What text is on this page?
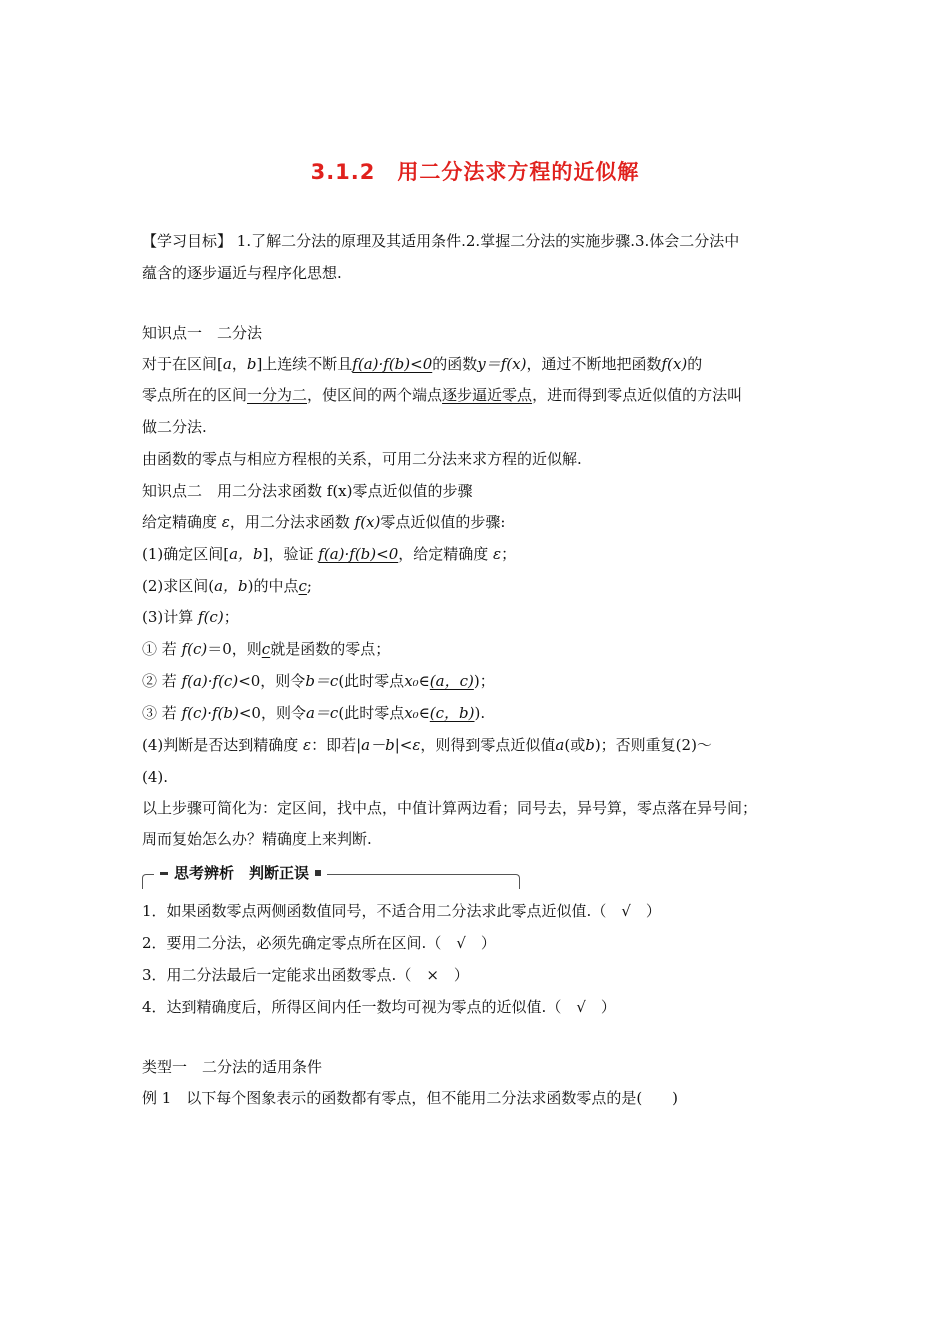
3.1.2　用二分法求方程的近似解
【学习目标】 1.了解二分法的原理及其适用条件.2.掌握二分法的实施步骤.3.体会二分法中
蕴含的逐步逼近与程序化思想.
知识点一　二分法
对于在区间[a，b]上连续不断且f(a)·f(b)<0的函数y＝f(x)，通过不断地把函数f(x)的
零点所在的区间一分为二，使区间的两个端点逐步逼近零点，进而得到零点近似值的方法叫
做二分法.
由函数的零点与相应方程根的关系，可用二分法来求方程的近似解.
知识点二　用二分法求函数 f(x)零点近似值的步骤
给定精确度 ε，用二分法求函数 f(x)零点近似值的步骤:
(1)确定区间[a，b]，验证 f(a)·f(b)<0，给定精确度 ε；
(2)求区间(a，b)的中点c;
(3)计算 f(c)；
① 若 f(c)＝0，则c就是函数的零点；
② 若 f(a)·f(c)<0，则令b＝c(此时零点x₀∈(a，c))；
③ 若 f(c)·f(b)<0，则令a＝c(此时零点x₀∈(c，b)).
(4)判断是否达到精确度 ε：即若|a－b|<ε，则得到零点近似值a(或b)；否则重复(2)～
(4).
以上步骤可简化为：定区间，找中点，中值计算两边看；同号去，异号算，零点落在异号间；
周而复始怎么办？精确度上来判断.
思考辨析　判断正误
1．如果函数零点两侧函数值同号，不适合用二分法求此零点近似值.（　√　）
2．要用二分法，必须先确定零点所在区间.（　√　）
3．用二分法最后一定能求出函数零点.（　×　）
4．达到精确度后，所得区间内任一数均可视为零点的近似值.（　√　）
类型一　二分法的适用条件
例 1　以下每个图象表示的函数都有零点，但不能用二分法求函数零点的是(　　)
